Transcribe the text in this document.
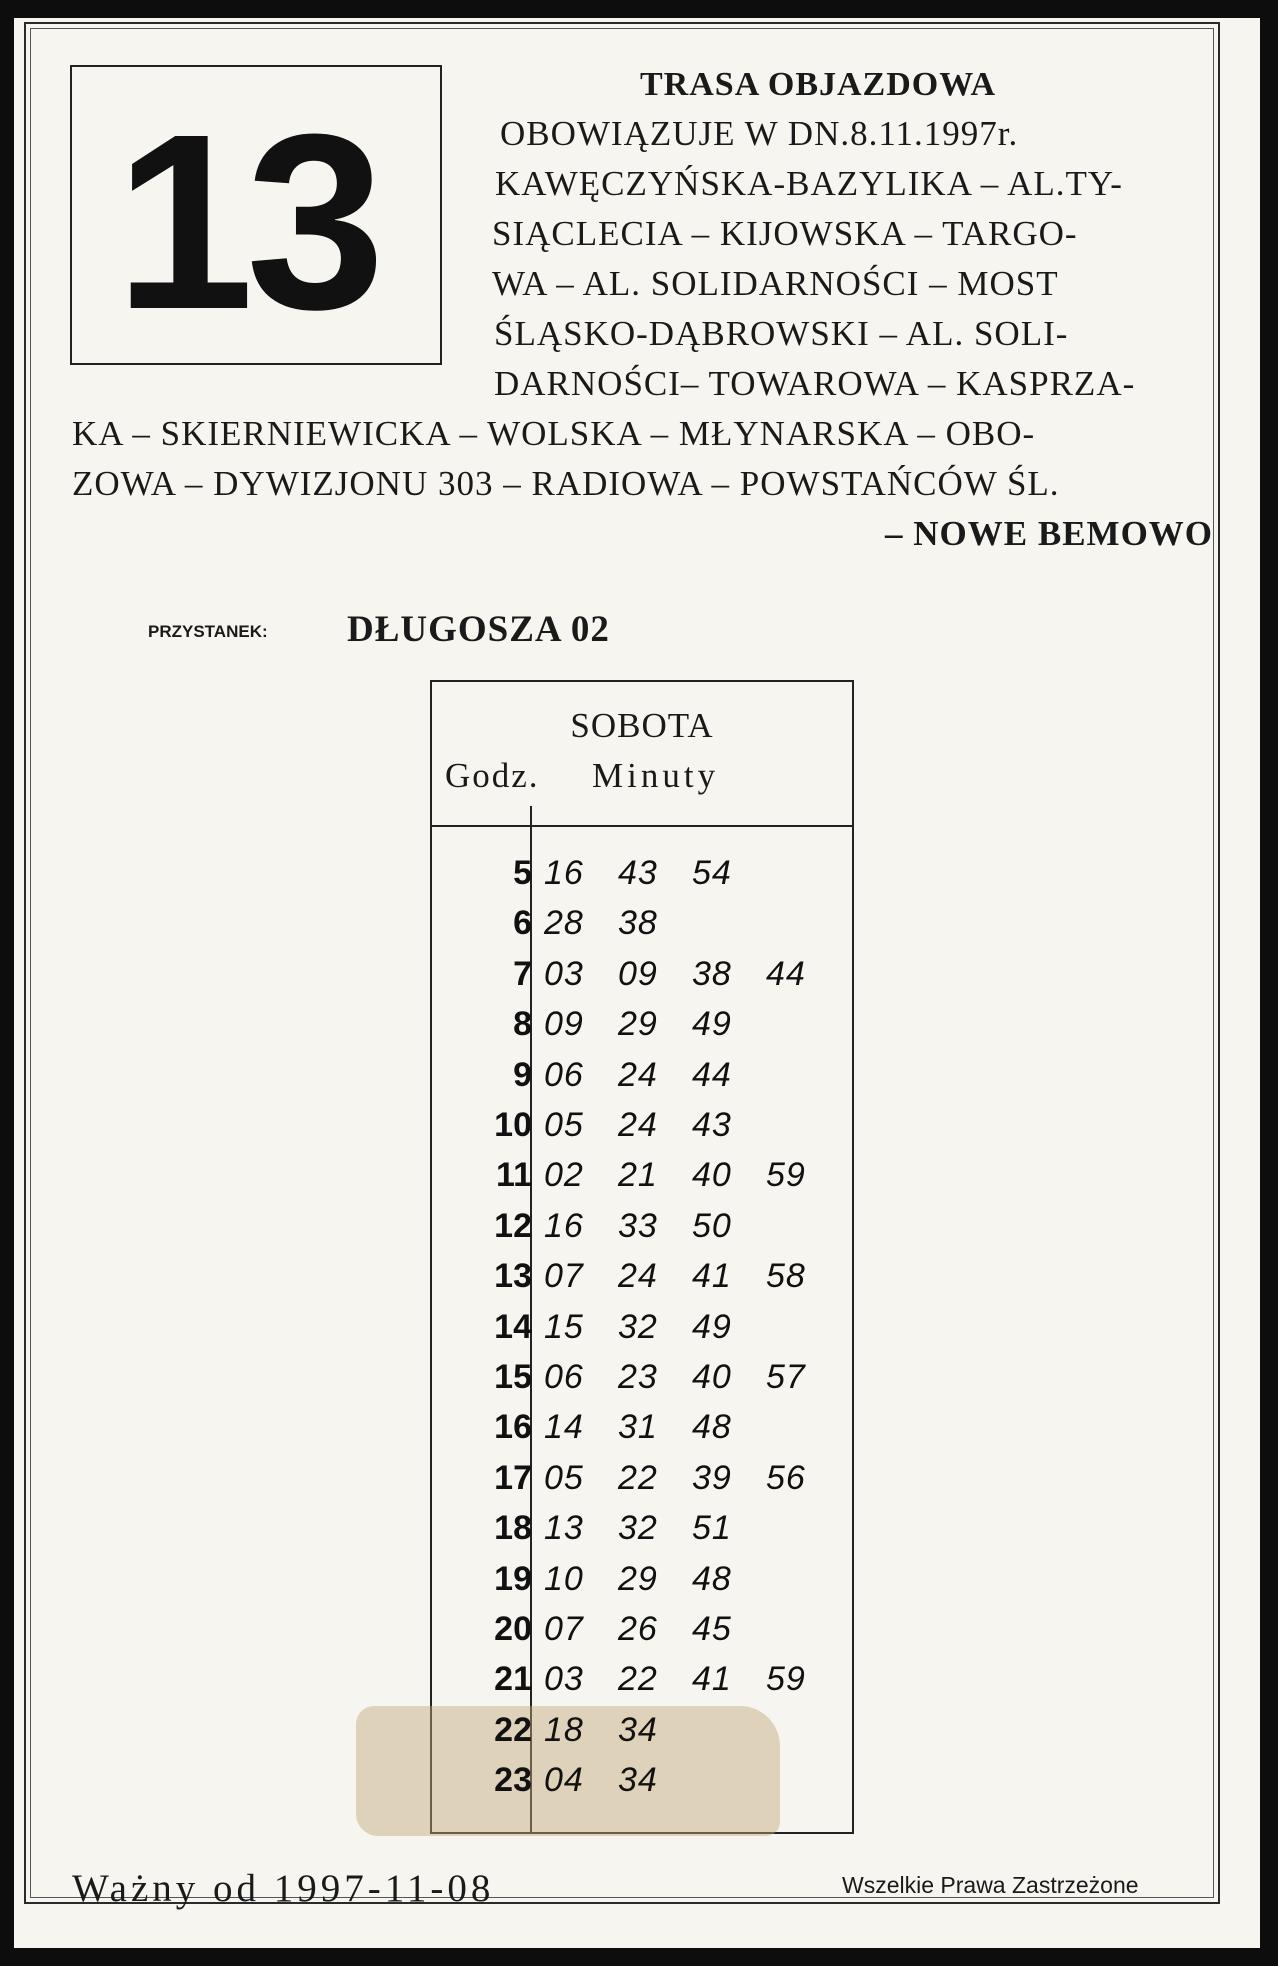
13	TRASA OBJAZDOWA
OBOWIĄZUJE W DN.8.11.1997r.
KAWĘCZYŃSKA-BAZYLIKA – AL.TY-
SIĄCLECIA – KIJOWSKA – TARGO-
WA – AL. SOLIDARNOŚCI – MOST
ŚLĄSKO-DĄBROWSKI – AL. SOLI-
DARNOŚCI– TOWAROWA – KASPRZA-
KA – SKIERNIEWICKA – WOLSKA – MŁYNARSKA – OBO-
ZOWA – DYWIZJONU 303 – RADIOWA – POWSTAŃCÓW ŚL.
– NOWE BEMOWO
PRZYSTANEK: DŁUGOSZA 02
SOBOTA
Godz. Minuty
5 16 43 54
6 28 38
7 03 09 38 44
8 09 29 49
9 06 24 44
10 05 24 43
11 02 21 40 59
12 16 33 50
13 07 24 41 58
14 15 32 49
15 06 23 40 57
16 14 31 48
17 05 22 39 56
18 13 32 51
19 10 29 48
20 07 26 45
21 03 22 41 59
22 18 34
23 04 34
Ważny od 1997-11-08	Wszelkie Prawa Zastrzeżone
